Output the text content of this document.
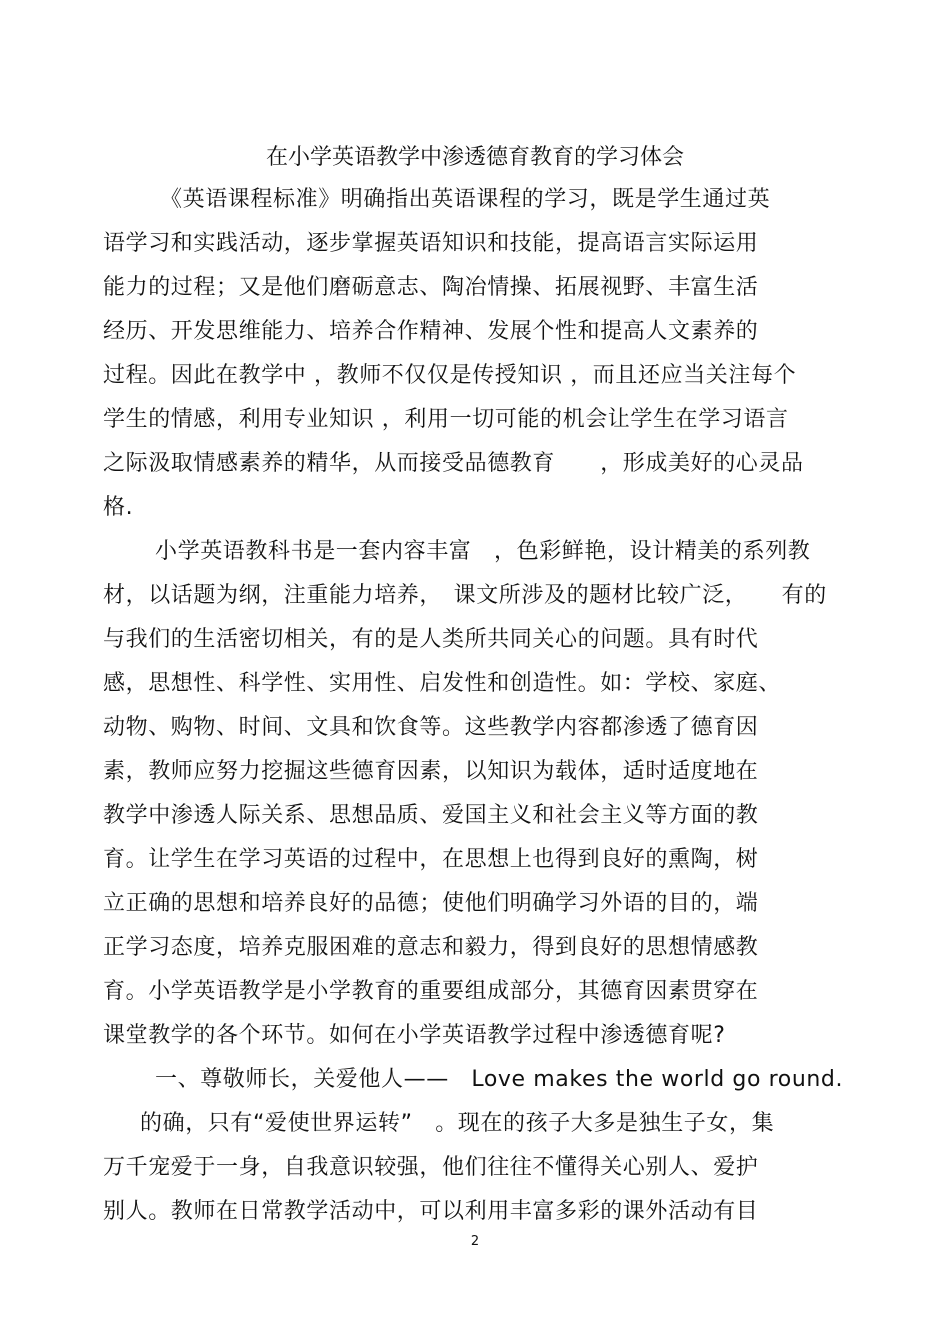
在小学英语教学中渗透德育教育的学习体会
《英语课程标准》明确指出英语课程的学习，既是学生通过英
语学习和实践活动，逐步掌握英语知识和技能，提高语言实际运用
能力的过程；又是他们磨砺意志、陶冶情操、拓展视野、丰富生活
经历、开发思维能力、培养合作精神、发展个性和提高人文素养的
过程。因此在教学中 ，教师不仅仅是传授知识 ，而且还应当关注每个
学生的情感，利用专业知识 ，利用一切可能的机会让学生在学习语言
之际汲取情感素养的精华，从而接受品德教育　　，形成美好的心灵品
格.
小学英语教科书是一套内容丰富　，色彩鲜艳，设计精美的系列教
材，以话题为纲，注重能力培养，　课文所涉及的题材比较广泛，　　有的
与我们的生活密切相关，有的是人类所共同关心的问题。具有时代
感，思想性、科学性、实用性、启发性和创造性。如：学校、家庭、
动物、购物、时间、文具和饮食等。这些教学内容都渗透了德育因
素，教师应努力挖掘这些德育因素，以知识为载体，适时适度地在
教学中渗透人际关系、思想品质、爱国主义和社会主义等方面的教
育。让学生在学习英语的过程中，在思想上也得到良好的熏陶，树
立正确的思想和培养良好的品德；使他们明确学习外语的目的，端
正学习态度，培养克服困难的意志和毅力，得到良好的思想情感教
育。小学英语教学是小学教育的重要组成部分，其德育因素贯穿在
课堂教学的各个环节。如何在小学英语教学过程中渗透德育呢?
一、尊敬师长，关爱他人——　Love makes the world go round.
的确，只有“爱使世界运转”　。现在的孩子大多是独生子女，集
万千宠爱于一身，自我意识较强，他们往往不懂得关心别人、爱护
别人。教师在日常教学活动中，可以利用丰富多彩的课外活动有目
2
